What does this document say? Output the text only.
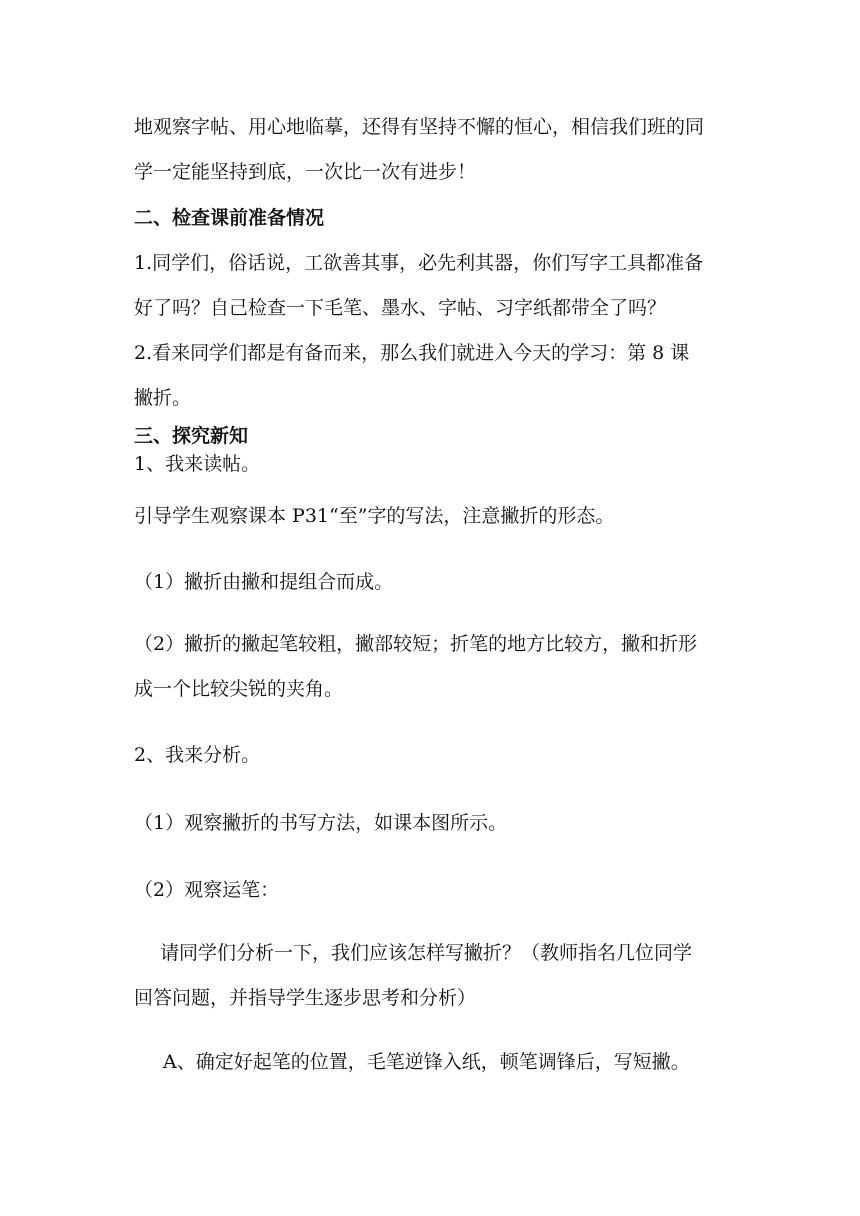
地观察字帖、用心地临摹，还得有坚持不懈的恒心，相信我们班的同
学一定能坚持到底，一次比一次有进步！
二、检查课前准备情况
1.同学们，俗话说，工欲善其事，必先利其器，你们写字工具都准备
好了吗？自己检查一下毛笔、墨水、字帖、习字纸都带全了吗？
2.看来同学们都是有备而来，那么我们就进入今天的学习：第 8 课
撇折。
三、探究新知
1、我来读帖。
引导学生观察课本 P31“至”字的写法，注意撇折的形态。
（1）撇折由撇和提组合而成。
（2）撇折的撇起笔较粗，撇部较短；折笔的地方比较方，撇和折形
成一个比较尖锐的夹角。
2、我来分析。
（1）观察撇折的书写方法，如课本图所示。
（2）观察运笔：
请同学们分析一下，我们应该怎样写撇折？（教师指名几位同学
回答问题，并指导学生逐步思考和分析）
A、确定好起笔的位置，毛笔逆锋入纸，顿笔调锋后，写短撇。
